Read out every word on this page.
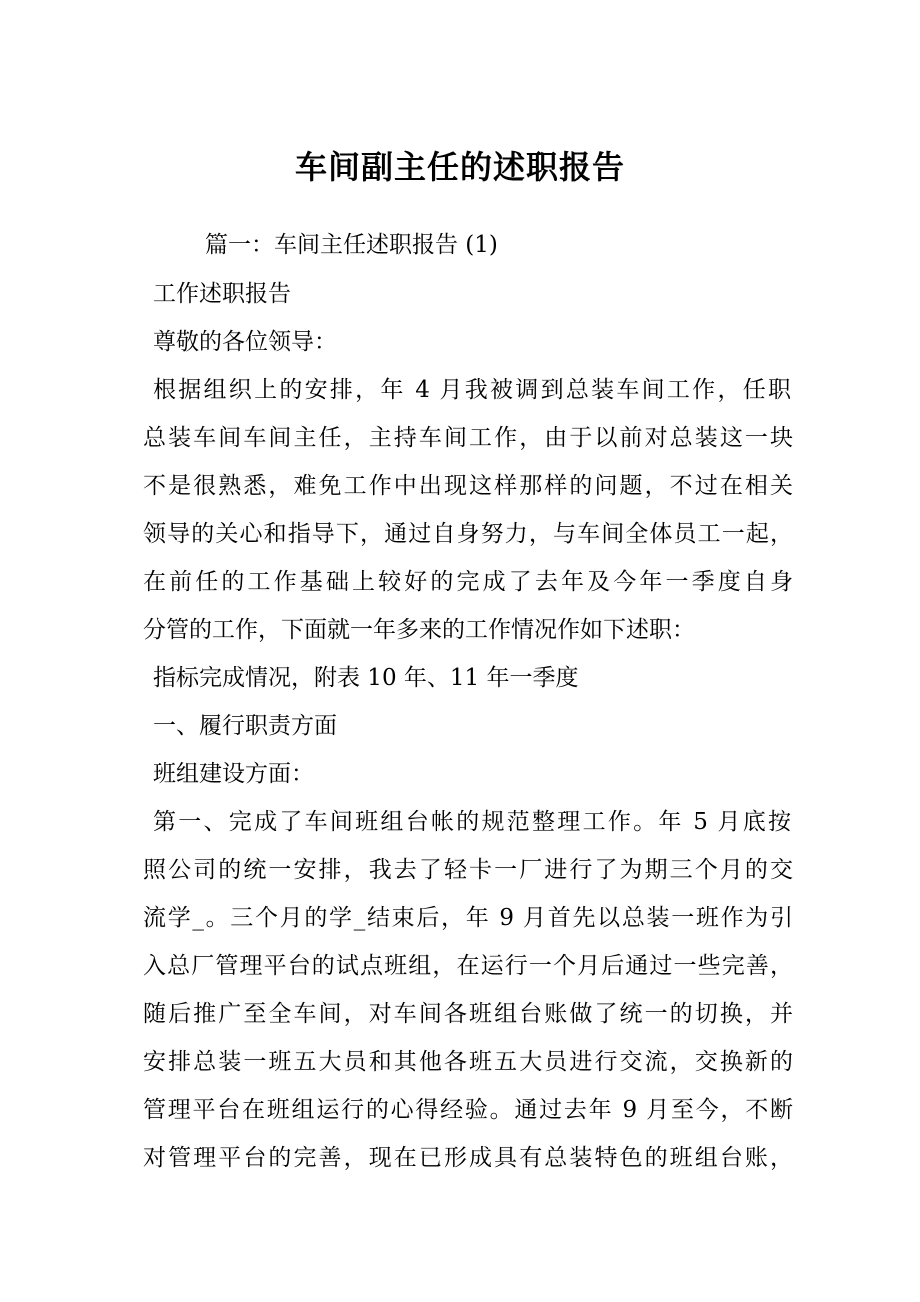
车间副主任的述职报告

篇一：车间主任述职报告 (1)

工作述职报告

尊敬的各位领导：

根据组织上的安排，年 4 月我被调到总装车间工作，任职

总装车间车间主任，主持车间工作，由于以前对总装这一块

不是很熟悉，难免工作中出现这样那样的问题，不过在相关

领导的关心和指导下，通过自身努力，与车间全体员工一起，

在前任的工作基础上较好的完成了去年及今年一季度自身

分管的工作，下面就一年多来的工作情况作如下述职：

指标完成情况，附表 10 年、11 年一季度

一、履行职责方面

班组建设方面：

第一、完成了车间班组台帐的规范整理工作。年 5 月底按

照公司的统一安排，我去了轻卡一厂进行了为期三个月的交

流学_。三个月的学_结束后，年 9 月首先以总装一班作为引

入总厂管理平台的试点班组，在运行一个月后通过一些完善，

随后推广至全车间，对车间各班组台账做了统一的切换，并

安排总装一班五大员和其他各班五大员进行交流，交换新的

管理平台在班组运行的心得经验。通过去年 9 月至今，不断

对管理平台的完善，现在已形成具有总装特色的班组台账，
